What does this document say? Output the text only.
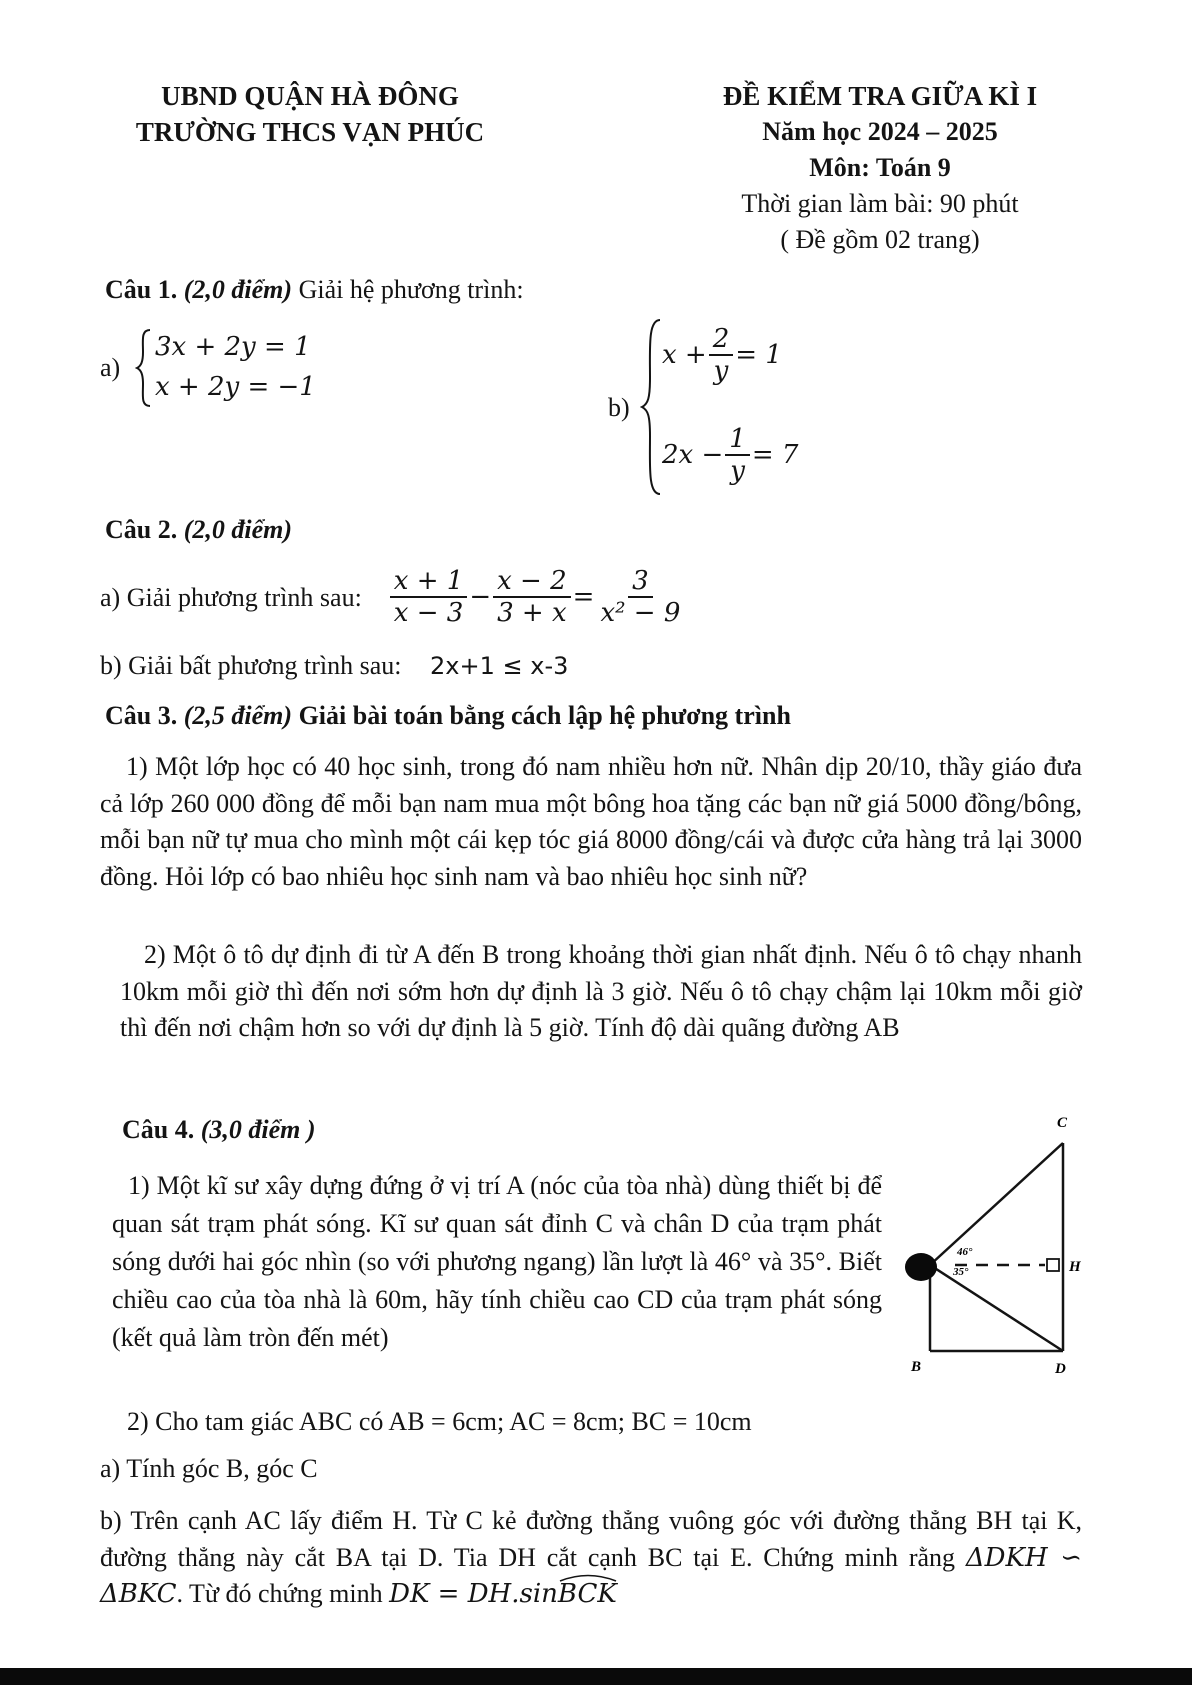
UBND QUẬN HÀ ĐÔNG
TRƯỜNG THCS VẠN PHÚC
ĐỀ KIỂM TRA GIỮA KÌ I
Năm học 2024 – 2025
Môn: Toán 9
Thời gian làm bài: 90 phút
( Đề gồm 02 trang)
Câu 1. (2,0 điểm) Giải hệ phương trình:
a)
3x + 2y = 1
x + 2y = −1
b)
$x + \frac{2}{y} = 1$
$2x - \frac{1}{y} = 7$
Câu 2. (2,0 điểm)
a) Giải phương trình sau: $\frac{x + 1}{x - 3} - \frac{x - 2}{3 + x} = \frac{3}{\text{x² − 9}}$
b) Giải bất phương trình sau: 2x+1 ≤ x-3
Câu 3. (2,5 điểm) Giải bài toán bằng cách lập hệ phương trình
1) Một lớp học có 40 học sinh, trong đó nam nhiều hơn nữ. Nhân dịp 20/10, thầy giáo đưa cả lớp 260 000 đồng để mỗi bạn nam mua một bông hoa tặng các bạn nữ giá 5000 đồng/bông, mỗi bạn nữ tự mua cho mình một cái kẹp tóc giá 8000 đồng/cái và được cửa hàng trả lại 3000 đồng. Hỏi lớp có bao nhiêu học sinh nam và bao nhiêu học sinh nữ?
2) Một ô tô dự định đi từ A đến B trong khoảng thời gian nhất định. Nếu ô tô chạy nhanh 10km mỗi giờ thì đến nơi sớm hơn dự định là 3 giờ. Nếu ô tô chạy chậm lại 10km mỗi giờ thì đến nơi chậm hơn so với dự định là 5 giờ. Tính độ dài quãng đường AB
Câu 4. (3,0 điểm )
1) Một kĩ sư xây dựng đứng ở vị trí A (nóc của tòa nhà) dùng thiết bị để quan sát trạm phát sóng. Kĩ sư quan sát đỉnh C và chân D của trạm phát sóng dưới hai góc nhìn (so với phương ngang) lần lượt là 46° và 35°. Biết chiều cao của tòa nhà là 60m, hãy tính chiều cao CD của trạm phát sóng (kết quả làm tròn đến mét)
46°
35°
C
H
B	D
2) Cho tam giác ABC có AB = 6cm; AC = 8cm; BC = 10cm
a) Tính góc B, góc C
b) Trên cạnh AC lấy điểm H. Từ C kẻ đường thẳng vuông góc với đường thẳng BH tại K, đường thẳng này cắt BA tại D. Tia DH cắt cạnh BC tại E. Chứng minh rằng ΔDKH ∽ ΔBKC. Từ đó chứng minh DK = DH.sin
BCK
